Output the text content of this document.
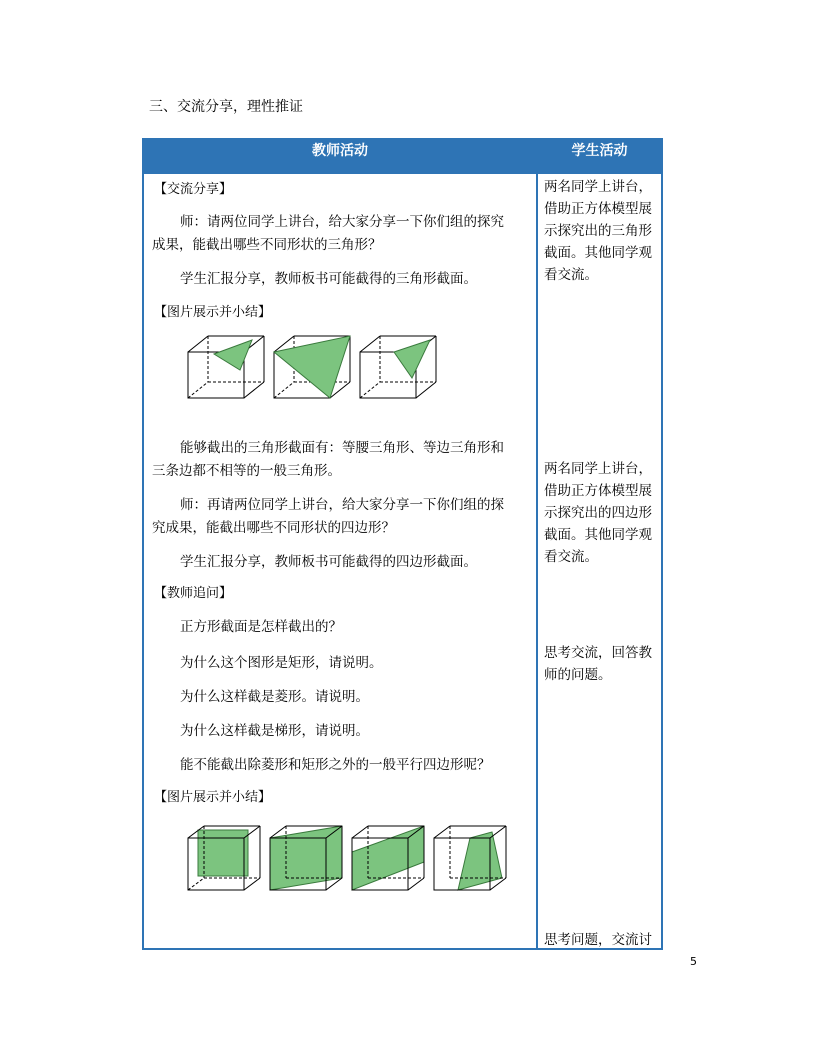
三、交流分享，理性推证
教师活动	学生活动
【交流分享】
师：请两位同学上讲台，给大家分享一下你们组的探究
成果，能截出哪些不同形状的三角形？
学生汇报分享，教师板书可能截得的三角形截面。
【图片展示并小结】
能够截出的三角形截面有：等腰三角形、等边三角形和
三条边都不相等的一般三角形。
师：再请两位同学上讲台，给大家分享一下你们组的探
究成果，能截出哪些不同形状的四边形？
学生汇报分享，教师板书可能截得的四边形截面。
【教师追问】
正方形截面是怎样截出的？
为什么这个图形是矩形，请说明。
为什么这样截是菱形。请说明。
为什么这样截是梯形，请说明。
能不能截出除菱形和矩形之外的一般平行四边形呢？
【图片展示并小结】
两名同学上讲台，借助正方体模型展示探究出的三角形截面。其他同学观看交流。
两名同学上讲台，借助正方体模型展示探究出的四边形截面。其他同学观看交流。
思考交流，回答教师的问题。
思考问题，交流讨
5
